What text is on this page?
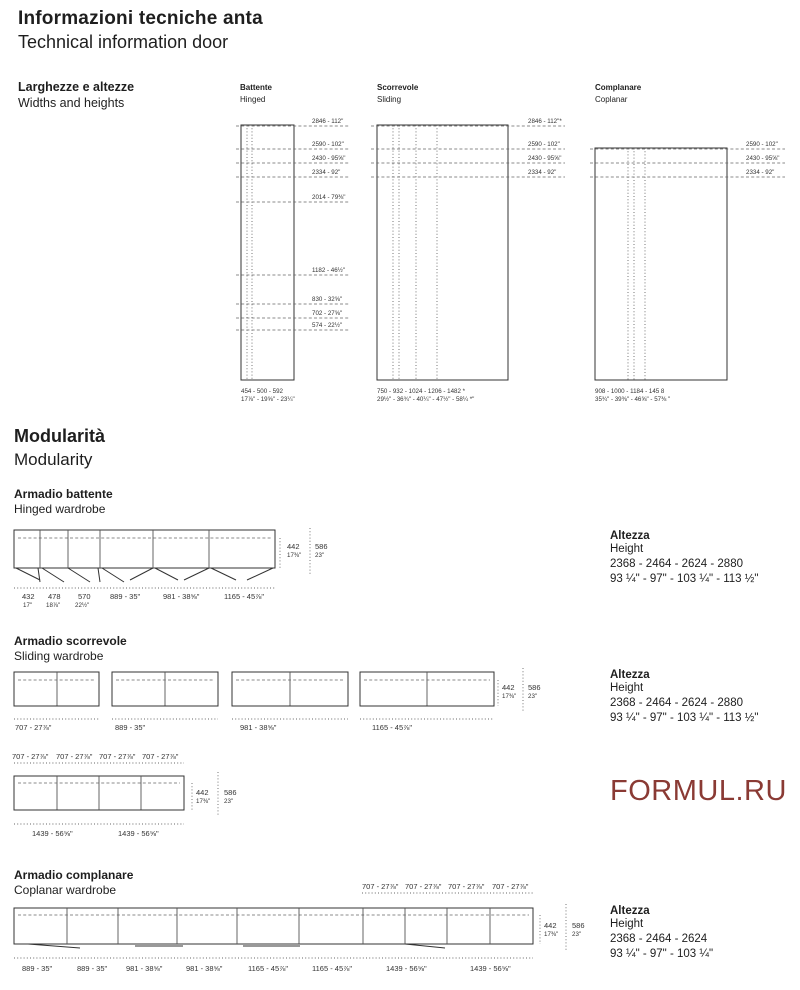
Informazioni tecniche anta
Technical information door
Larghezze e altezze
Widths and heights
Battente
Hinged
Scorrevole
Sliding
Complanare
Coplanar
Modularità
Modularity
Armadio battente
Hinged wardrobe
Armadio scorrevole
Sliding wardrobe
Armadio complanare
Coplanar wardrobe
Altezza
Height
2368 - 2464 - 2624 - 2880
93 ¼" - 97" - 103 ¼" - 113 ½"
Altezza
Height
2368 - 2464 - 2624 - 2880
93 ¼" - 97" - 103 ¼" - 113 ½"
Altezza
Height
2368 - 2464 - 2624
93 ¼" - 97" - 103 ¼"
FORMUL.RU
2846 - 112"
2590 - 102"
2430 - 95⅝"
2334 - 92"
2014 - 79⅜"
1182 - 46½"
830 - 32⅝"
702 - 27⅝"
574 - 22½"
454 - 500 - 592
17⅞" - 19⅝" - 23¼"
2846 - 112"*
2590 - 102"
2430 - 95⅝"
2334 - 92"
750 - 932 - 1024 - 1206 - 1482 *
29½" - 36¾" - 40¼" - 47½" - 58¼ *"
2590 - 102"
2430 - 95⅝"
2334 - 92"
908 - 1000 - 1184 - 145 8
35¾" - 39⅜" - 46⅝" - 57⅜ "
442
17⅜"
586
23"
432
17"
478
18⅞"
570
22½"
889 - 35"	981 - 38⅝"	1165 - 45⅞"
707 - 27⅞"	889 - 35"	981 - 38⅝"	1165 - 45⅞"
442
17⅜"
586
23"
707 - 27⅞" 707 - 27⅞" 707 - 27⅞" 707 - 27⅞"
1439 - 56⅝"	1439 - 56⅝"
442
17⅜"
586
23"
707 - 27⅞" 707 - 27⅞" 707 - 27⅞" 707 - 27⅞"
889 - 35"	889 - 35"	981 - 38⅝"	981 - 38⅝"	1165 - 45⅞"	1165 - 45⅞"	1439 - 56⅝"	1439 - 56⅝"
442
17⅜"
586
23"
